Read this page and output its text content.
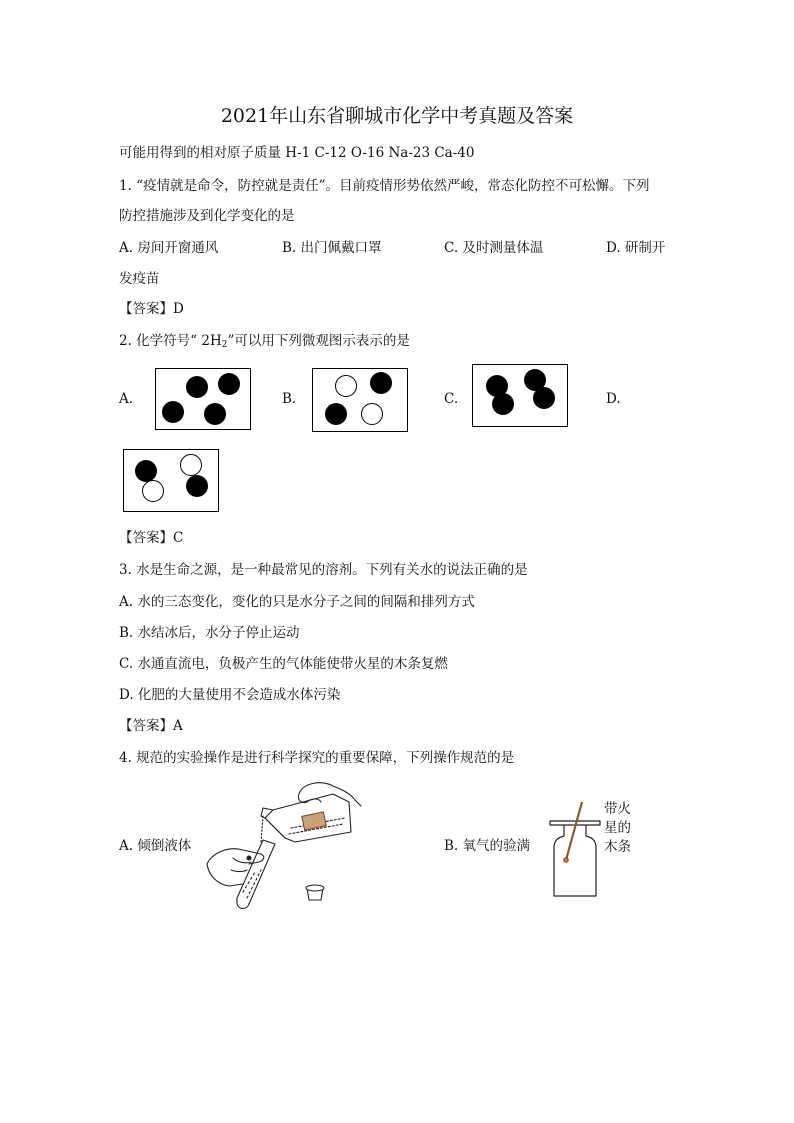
2021年山东省聊城市化学中考真题及答案
可能用得到的相对原子质量 H-1 C-12 O-16 Na-23 Ca-40
1. “疫情就是命令，防控就是责任”。目前疫情形势依然严峻，常态化防控不可松懈。下列
防控措施涉及到化学变化的是
A. 房间开窗通风	B. 出门佩戴口罩	C. 及时测量体温	D. 研制开
发疫苗
【答案】D
2. 化学符号“ $2H_2$”可以用下列微观图示表示的是
A.	B.	C.	D.
【答案】C
3. 水是生命之源，是一种最常见的溶剂。下列有关水的说法正确的是
A. 水的三态变化，变化的只是水分子之间的间隔和排列方式
B. 水结冰后，水分子停止运动
C. 水通直流电，负极产生的气体能使带火星的木条复燃
D. 化肥的大量使用不会造成水体污染
【答案】A
4. 规范的实验操作是进行科学探究的重要保障，下列操作规范的是
A. 倾倒液体	B. 氧气的验满
带火
星的
木条
